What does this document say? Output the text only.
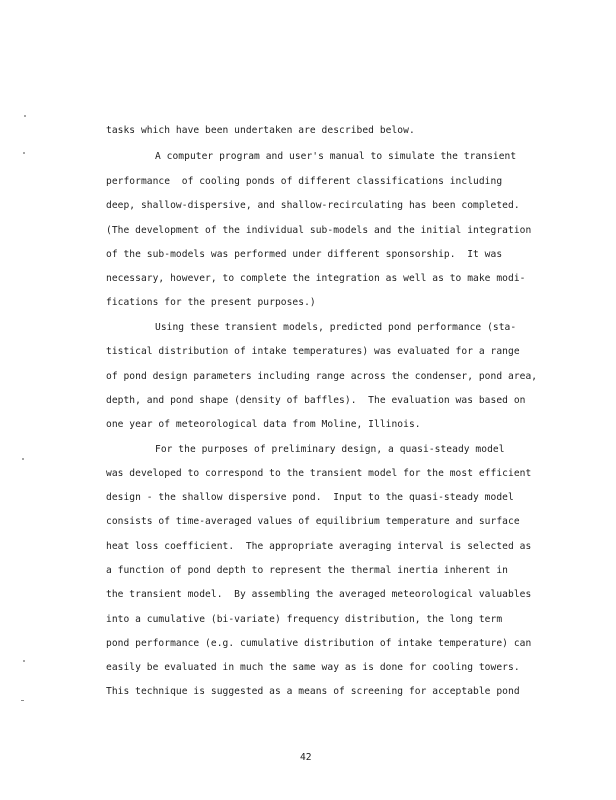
tasks which have been undertaken are described below.

A computer program and user's manual to simulate the transient

performance  of cooling ponds of different classifications including

deep, shallow-dispersive, and shallow-recirculating has been completed.

(The development of the individual sub-models and the initial integration

of the sub-models was performed under different sponsorship.  It was

necessary, however, to complete the integration as well as to make modi-

fications for the present purposes.)

Using these transient models, predicted pond performance (sta-

tistical distribution of intake temperatures) was evaluated for a range

of pond design parameters including range across the condenser, pond area,

depth, and pond shape (density of baffles).  The evaluation was based on

one year of meteorological data from Moline, Illinois.

For the purposes of preliminary design, a quasi-steady model

was developed to correspond to the transient model for the most efficient

design - the shallow dispersive pond.  Input to the quasi-steady model

consists of time-averaged values of equilibrium temperature and surface

heat loss coefficient.  The appropriate averaging interval is selected as

a function of pond depth to represent the thermal inertia inherent in

the transient model.  By assembling the averaged meteorological valuables

into a cumulative (bi-variate) frequency distribution, the long term

pond performance (e.g. cumulative distribution of intake temperature) can

easily be evaluated in much the same way as is done for cooling towers.

This technique is suggested as a means of screening for acceptable pond

42
